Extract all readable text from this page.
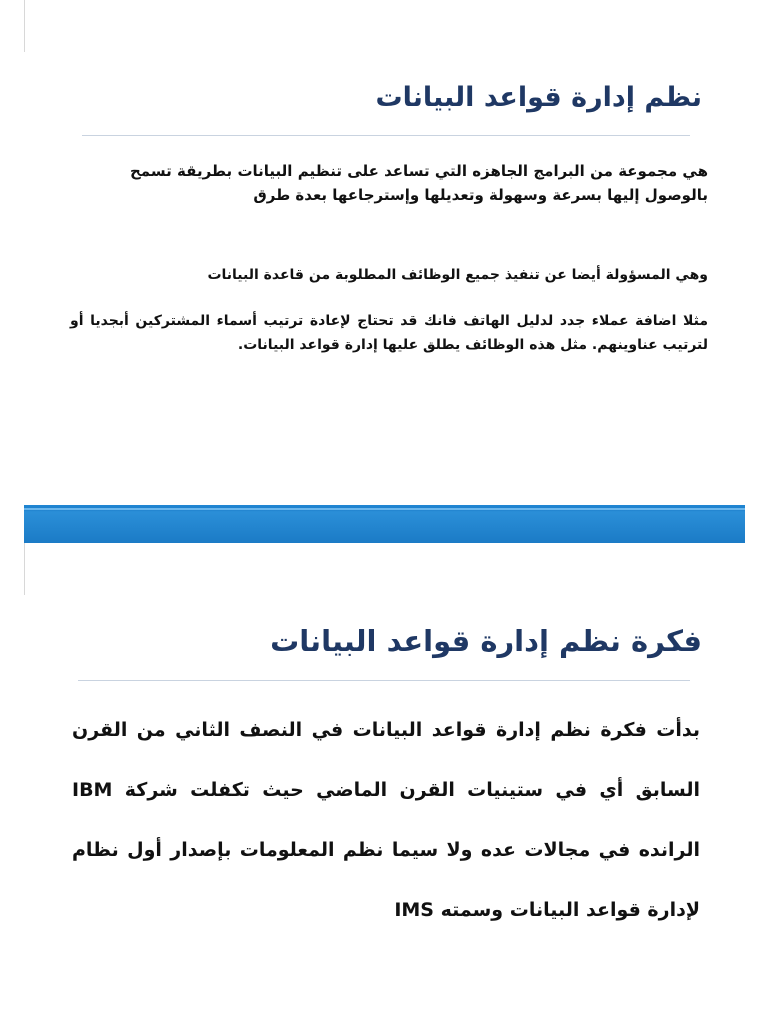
نظم إدارة قواعد البيانات

هي مجموعة من البرامج الجاهزه التي تساعد على تنظيم البيانات بطريقة تسمح بالوصول إليها بسرعة وسهولة وتعديلها وإسترجاعها بعدة طرق

وهي المسؤولة أيضا عن تنفيذ جميع الوظائف المطلوبة من قاعدة البيانات

مثلا اضافة عملاء جدد لدليل الهاتف فانك قد تحتاج لإعادة ترتيب أسماء المشتركين أبجديا أو لترتيب عناوينهم. مثل هذه الوظائف يطلق عليها إدارة قواعد البيانات.

فكرة نظم إدارة قواعد البيانات

بدأت فكرة نظم إدارة قواعد البيانات في النصف الثاني من القرن السابق أي في ستينيات القرن الماضي حيث تكفلت شركة IBM الرانده في مجالات عده ولا سيما نظم المعلومات بإصدار أول نظام لإدارة قواعد البيانات وسمته IMS
